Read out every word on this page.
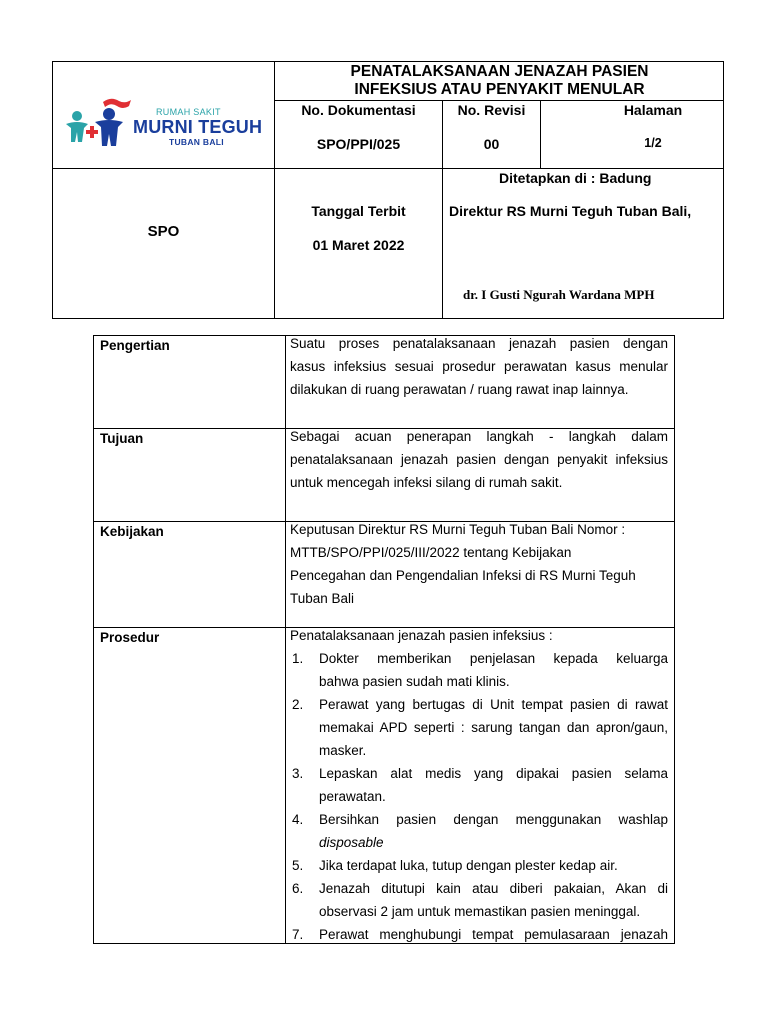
RUMAH SAKIT
MURNI TEGUH
TUBAN BALI
PENATALAKSANAAN JENAZAH PASIEN
INFEKSIUS ATAU PENYAKIT MENULAR
No. Dokumentasi
SPO/PPI/025
No. Revisi
00
Halaman
1/2
SPO
Tanggal Terbit
01 Maret 2022
Ditetapkan di : Badung
Direktur RS Murni Teguh Tuban Bali,
dr. I Gusti Ngurah Wardana MPH
Pengertian	Suatu proses penatalaksanaan jenazah pasien dengan
kasus infeksius sesuai prosedur perawatan kasus menular
dilakukan di ruang perawatan / ruang rawat inap lainnya.
Tujuan	Sebagai acuan penerapan langkah - langkah dalam
penatalaksanaan jenazah pasien dengan penyakit infeksius
untuk mencegah infeksi silang di rumah sakit.
Kebijakan	Keputusan Direktur RS Murni Teguh Tuban Bali Nomor :
MTTB/SPO/PPI/025/III/2022 tentang Kebijakan
Pencegahan dan Pengendalian Infeksi di RS Murni Teguh
Tuban Bali
Prosedur	Penatalaksanaan jenazah pasien infeksius :
1. Dokter memberikan penjelasan kepada keluarga
bahwa pasien sudah mati klinis.
2. Perawat yang bertugas di Unit tempat pasien di rawat
memakai APD seperti : sarung tangan dan apron/gaun,
masker.
3. Lepaskan alat medis yang dipakai pasien selama
perawatan.
4. Bersihkan pasien dengan menggunakan washlap
disposable
5. Jika terdapat luka, tutup dengan plester kedap air.
6. Jenazah ditutupi kain atau diberi pakaian, Akan di
observasi 2 jam untuk memastikan pasien meninggal.
7. Perawat menghubungi tempat pemulasaraan jenazah
